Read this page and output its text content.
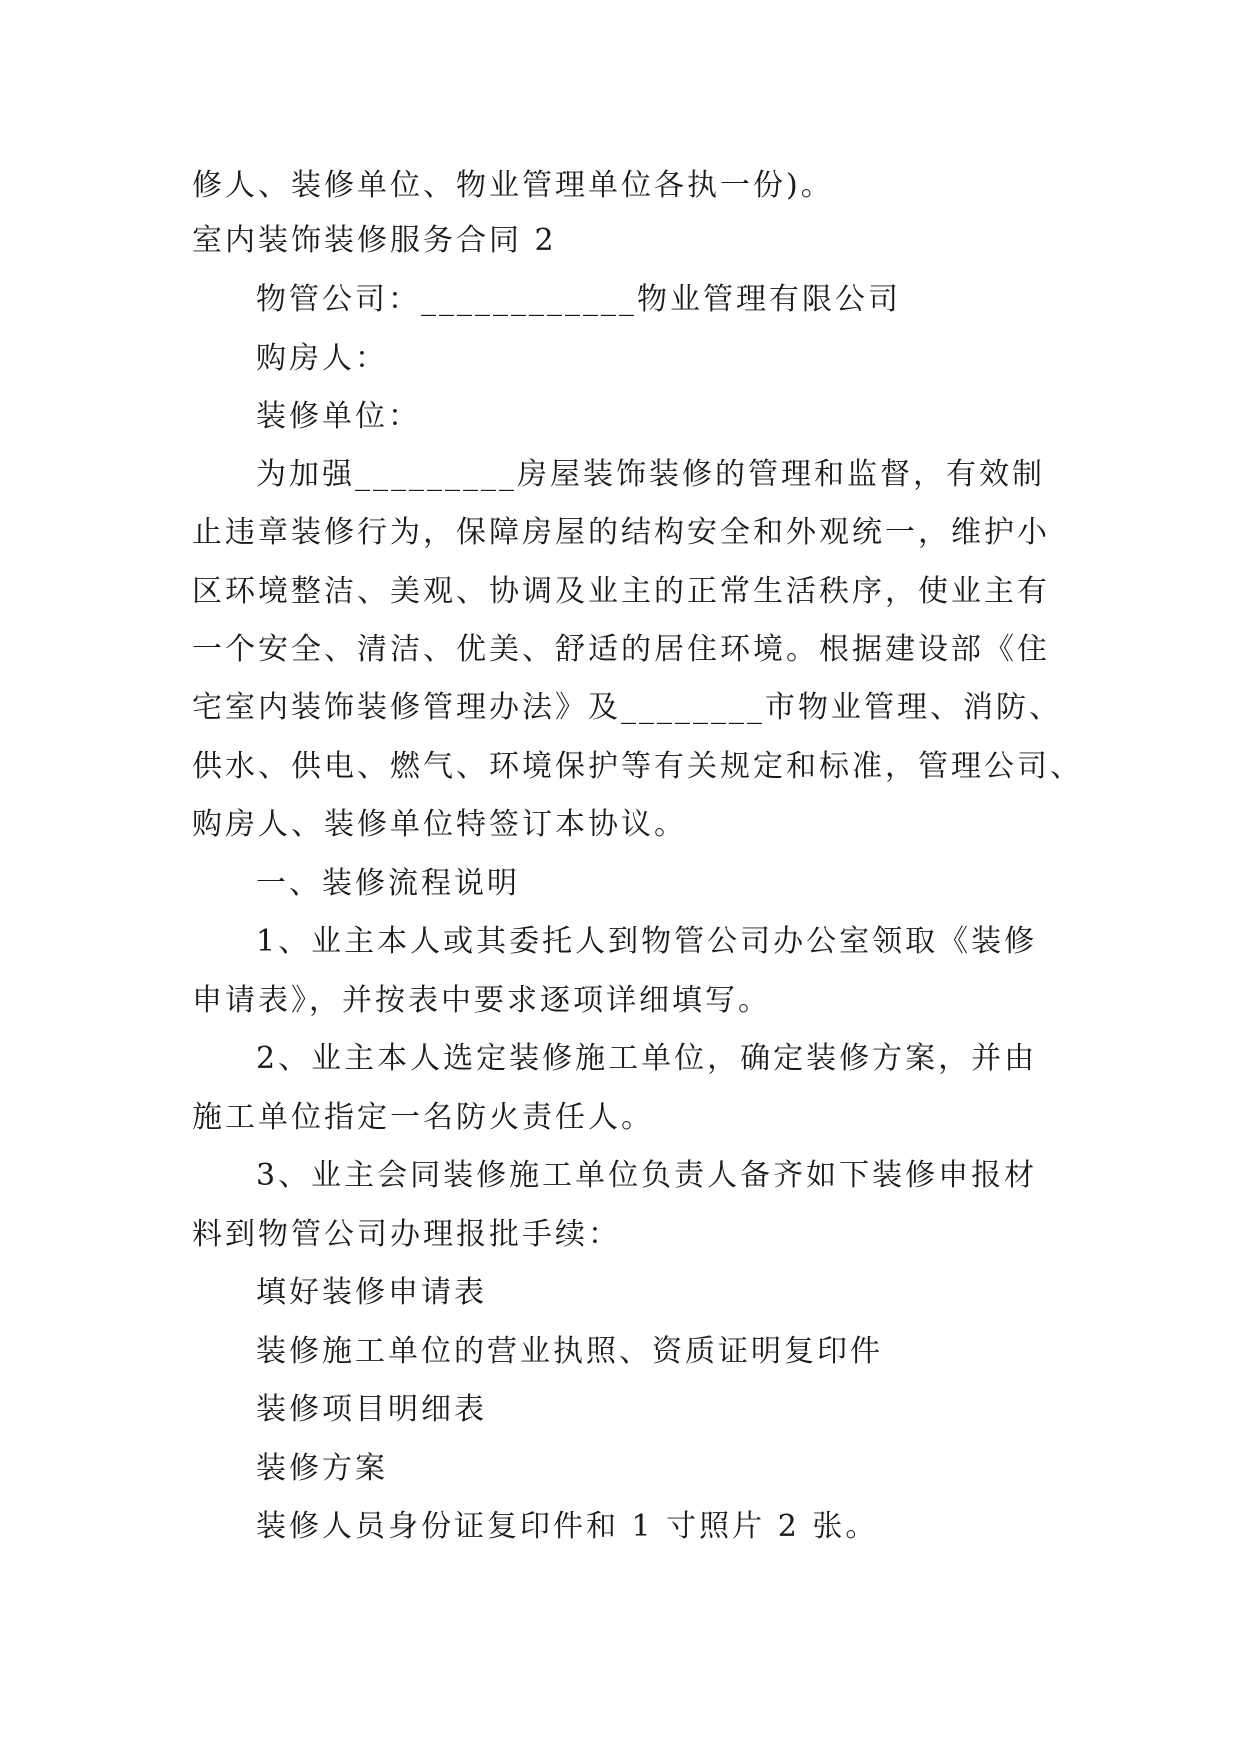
修人、装修单位、物业管理单位各执一份)。
室内装饰装修服务合同 2
物管公司：____________物业管理有限公司
购房人：
装修单位：
为加强_________房屋装饰装修的管理和监督，有效制
止违章装修行为，保障房屋的结构安全和外观统一，维护小
区环境整洁、美观、协调及业主的正常生活秩序，使业主有
一个安全、清洁、优美、舒适的居住环境。根据建设部《住
宅室内装饰装修管理办法》及________市物业管理、消防、
供水、供电、燃气、环境保护等有关规定和标准，管理公司、
购房人、装修单位特签订本协议。
一、装修流程说明
1、业主本人或其委托人到物管公司办公室领取《装修
申请表》，并按表中要求逐项详细填写。
2、业主本人选定装修施工单位，确定装修方案，并由
施工单位指定一名防火责任人。
3、业主会同装修施工单位负责人备齐如下装修申报材
料到物管公司办理报批手续：
填好装修申请表
装修施工单位的营业执照、资质证明复印件
装修项目明细表
装修方案
装修人员身份证复印件和 1 寸照片 2 张。
